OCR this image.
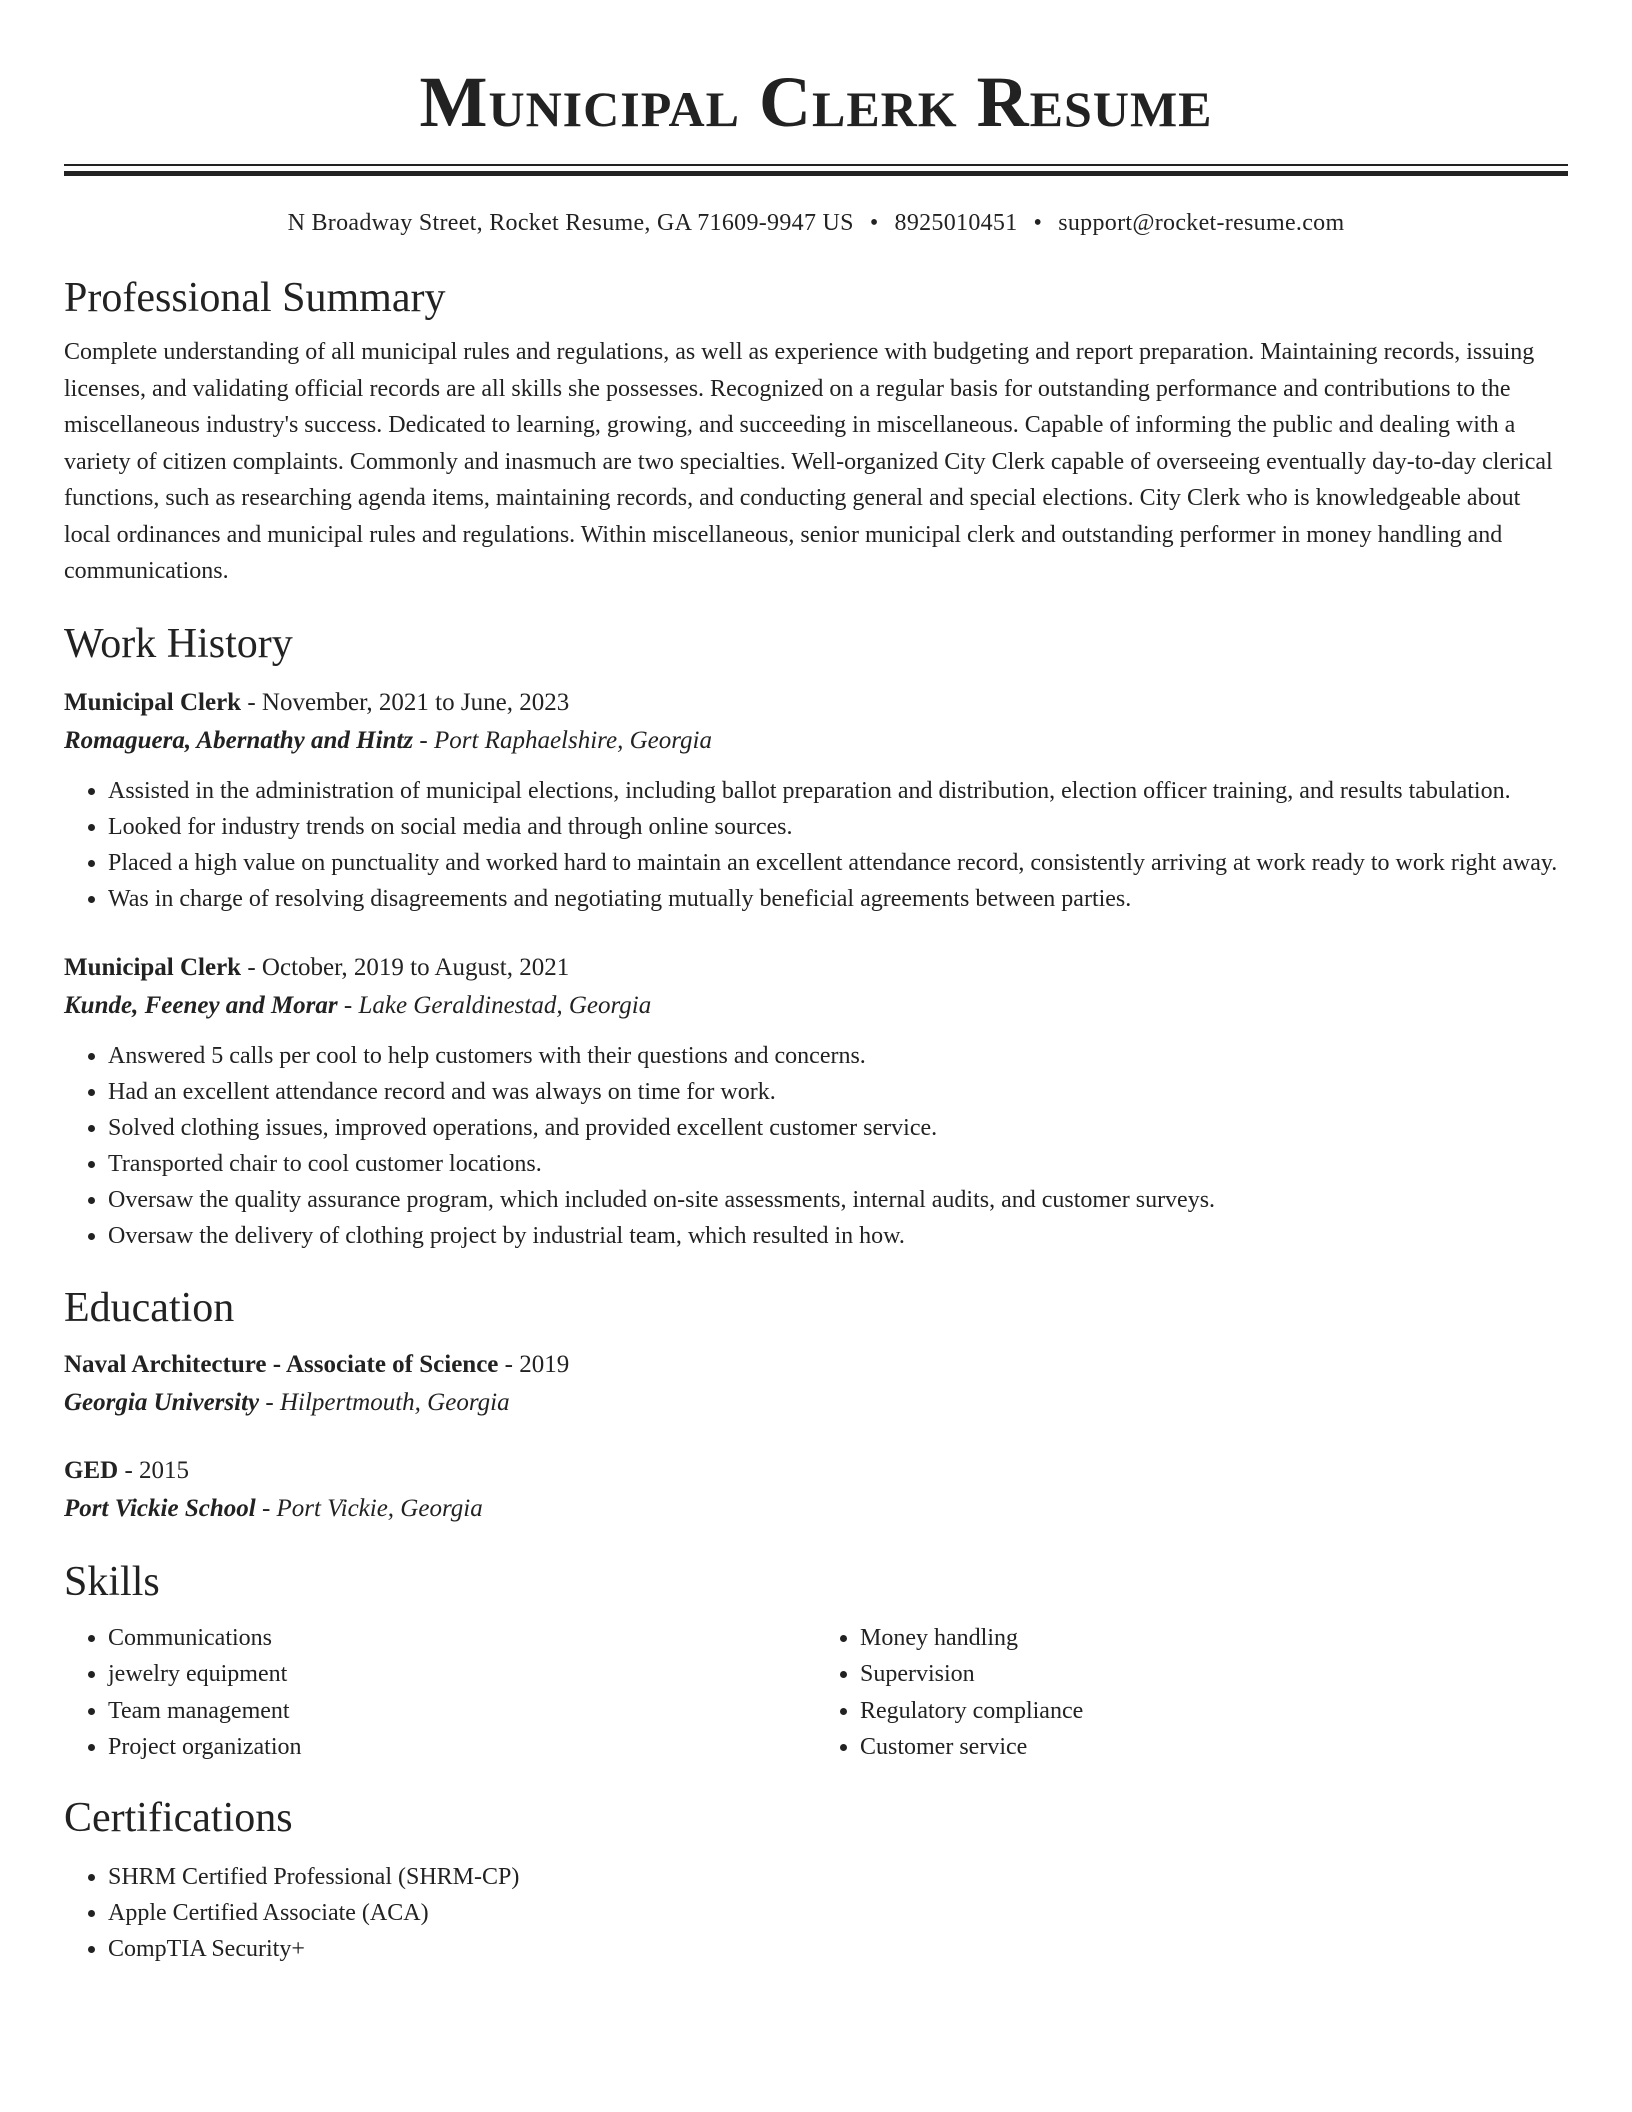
Municipal Clerk Resume
N Broadway Street, Rocket Resume, GA 71609-9947 US • 8925010451 • support@rocket-resume.com
Professional Summary

Complete understanding of all municipal rules and regulations, as well as experience with budgeting and report preparation. Maintaining records, issuing licenses, and validating official records are all skills she possesses. Recognized on a regular basis for outstanding performance and contributions to the miscellaneous industry's success. Dedicated to learning, growing, and succeeding in miscellaneous. Capable of informing the public and dealing with a variety of citizen complaints. Commonly and inasmuch are two specialties. Well-organized City Clerk capable of overseeing eventually day-to-day clerical functions, such as researching agenda items, maintaining records, and conducting general and special elections. City Clerk who is knowledgeable about local ordinances and municipal rules and regulations. Within miscellaneous, senior municipal clerk and outstanding performer in money handling and communications.

Work History
Municipal Clerk - November, 2021 to June, 2023
Romaguera, Abernathy and Hintz - Port Raphaelshire, Georgia
• Assisted in the administration of municipal elections, including ballot preparation and distribution, election officer training, and results tabulation.
• Looked for industry trends on social media and through online sources.
• Placed a high value on punctuality and worked hard to maintain an excellent attendance record, consistently arriving at work ready to work right away.
• Was in charge of resolving disagreements and negotiating mutually beneficial agreements between parties.
Municipal Clerk - October, 2019 to August, 2021
Kunde, Feeney and Morar - Lake Geraldinestad, Georgia
• Answered 5 calls per cool to help customers with their questions and concerns.
• Had an excellent attendance record and was always on time for work.
• Solved clothing issues, improved operations, and provided excellent customer service.
• Transported chair to cool customer locations.
• Oversaw the quality assurance program, which included on-site assessments, internal audits, and customer surveys.
• Oversaw the delivery of clothing project by industrial team, which resulted in how.
Education
Naval Architecture - Associate of Science - 2019
Georgia University - Hilpertmouth, Georgia
GED - 2015
Port Vickie School - Port Vickie, Georgia
Skills
• Communications
• jewelry equipment
• Team management
• Project organization
• Money handling
• Supervision
• Regulatory compliance
• Customer service
Certifications
• SHRM Certified Professional (SHRM-CP)
• Apple Certified Associate (ACA)
• CompTIA Security+
